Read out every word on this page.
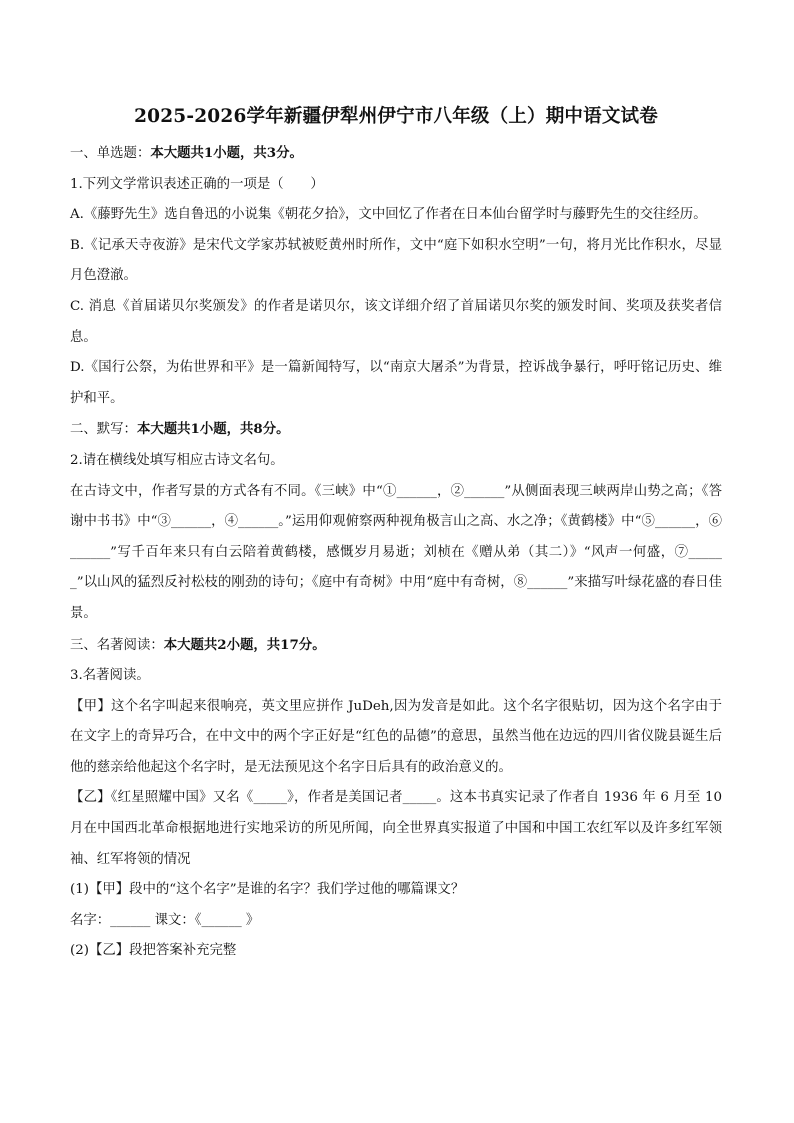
2025-2026学年新疆伊犁州伊宁市八年级（上）期中语文试卷
一、单选题：本大题共1小题，共3分。
1.下列文学常识表述正确的一项是（　　）
A.《藤野先生》选自鲁迅的小说集《朝花夕拾》，文中回忆了作者在日本仙台留学时与藤野先生的交往经历。
B.《记承天寺夜游》是宋代文学家苏轼被贬黄州时所作，文中“庭下如积水空明”一句，将月光比作积水，尽显月色澄澈。
C. 消息《首届诺贝尔奖颁发》的作者是诺贝尔，该文详细介绍了首届诺贝尔奖的颁发时间、奖项及获奖者信息。
D.《国行公祭，为佑世界和平》是一篇新闻特写，以“南京大屠杀”为背景，控诉战争暴行，呼吁铭记历史、维护和平。
二、默写：本大题共1小题，共8分。
2.请在横线处填写相应古诗文名句。
在古诗文中，作者写景的方式各有不同。《三峡》中“①______，②______”从侧面表现三峡两岸山势之高；《答谢中书书》中“③______，④______。”运用仰观俯察两种视角极言山之高、水之净；《黄鹤楼》中“⑤______，⑥______”写千百年来只有白云陪着黄鹤楼，感慨岁月易逝；刘桢在《赠从弟（其二）》“风声一何盛，⑦______”以山风的猛烈反衬松枝的刚劲的诗句；《庭中有奇树》中用“庭中有奇树，⑧______”来描写叶绿花盛的春日佳景。
三、名著阅读：本大题共2小题，共17分。
3.名著阅读。
【甲】这个名字叫起来很响亮，英文里应拼作 JuDeh,因为发音是如此。这个名字很贴切，因为这个名字由于在文字上的奇异巧合，在中文中的两个字正好是“红色的品德”的意思，虽然当他在边远的四川省仪陇县诞生后他的慈亲给他起这个名字时，是无法预见这个名字日后具有的政治意义的。
【乙】《红星照耀中国》又名《_____》，作者是美国记者_____。这本书真实记录了作者自 1936 年 6 月至 10 月在中国西北革命根据地进行实地采访的所见所闻，向全世界真实报道了中国和中国工农红军以及许多红军领袖、红军将领的情况
(1)【甲】段中的“这个名字”是谁的名字？我们学过他的哪篇课文？
名字：______ 课文：《______ 》
(2)【乙】段把答案补充完整
